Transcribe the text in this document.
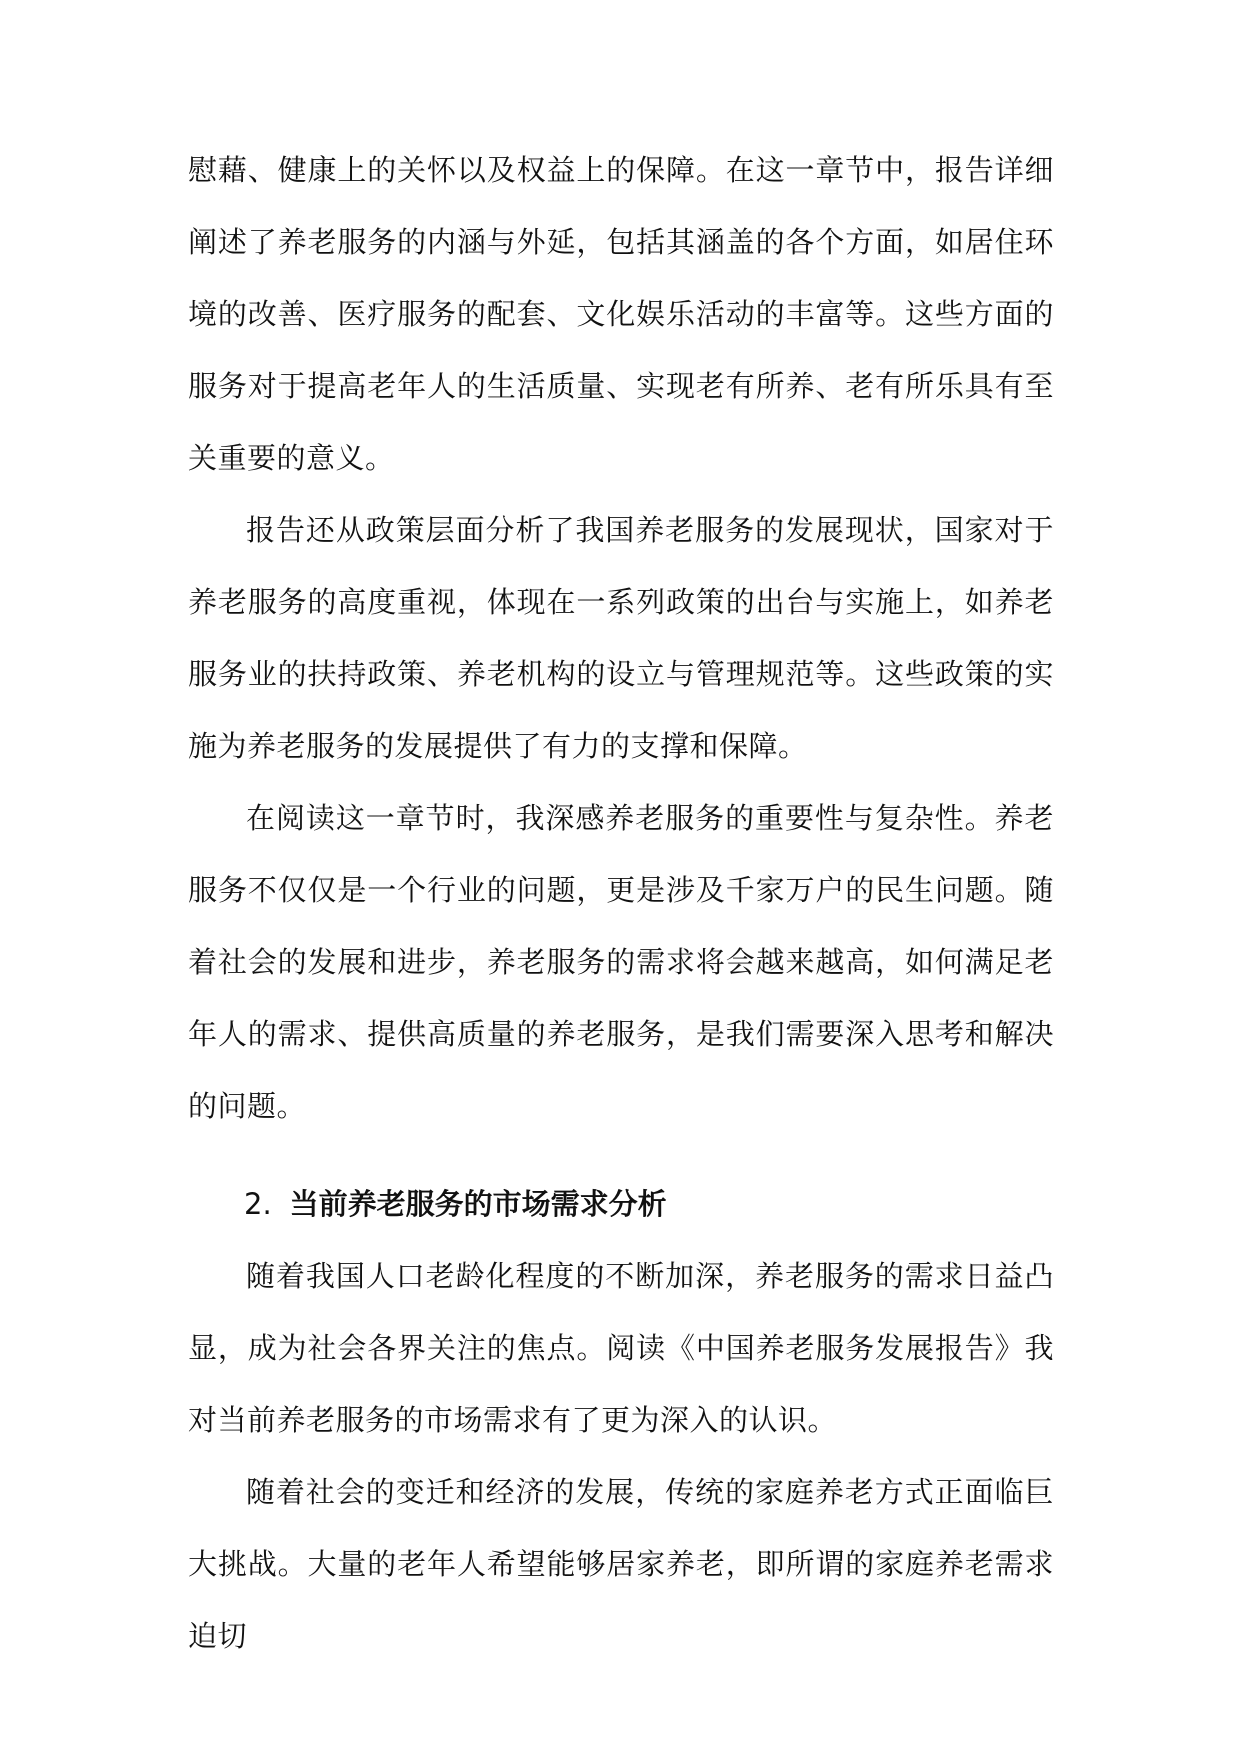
慰藉、健康上的关怀以及权益上的保障。在这一章节中，报告详细阐述了养老服务的内涵与外延，包括其涵盖的各个方面，如居住环境的改善、医疗服务的配套、文化娱乐活动的丰富等。这些方面的服务对于提高老年人的生活质量、实现老有所养、老有所乐具有至关重要的意义。

报告还从政策层面分析了我国养老服务的发展现状，国家对于养老服务的高度重视，体现在一系列政策的出台与实施上，如养老服务业的扶持政策、养老机构的设立与管理规范等。这些政策的实施为养老服务的发展提供了有力的支撑和保障。

在阅读这一章节时，我深感养老服务的重要性与复杂性。养老服务不仅仅是一个行业的问题，更是涉及千家万户的民生问题。随着社会的发展和进步，养老服务的需求将会越来越高，如何满足老年人的需求、提供高质量的养老服务，是我们需要深入思考和解决的问题。

2. 当前养老服务的市场需求分析

随着我国人口老龄化程度的不断加深，养老服务的需求日益凸显，成为社会各界关注的焦点。阅读《中国养老服务发展报告》我对当前养老服务的市场需求有了更为深入的认识。

随着社会的变迁和经济的发展，传统的家庭养老方式正面临巨大挑战。大量的老年人希望能够居家养老，即所谓的家庭养老需求迫切
